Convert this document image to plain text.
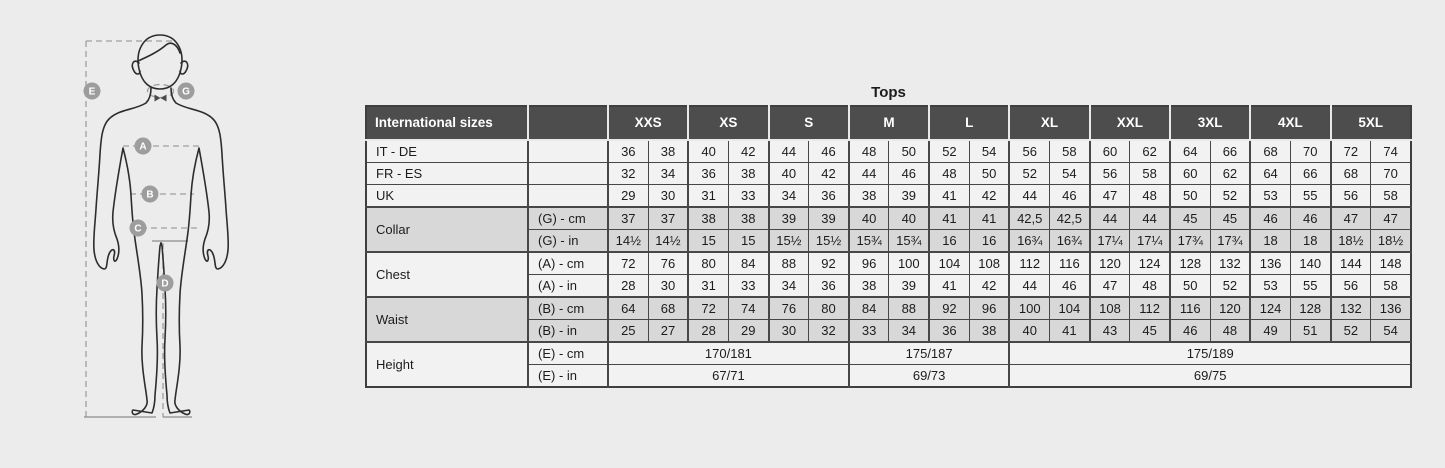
E	G
A
B
C
D
Tops
International sizes		XXS		XS		S		M		L		XL		XXL		3XL		4XL		5XL	
IT - DE		36	38	40	42	44	46	48	50	52	54	56	58	60	62	64	66	68	70	72	74
FR - ES		32	34	36	38	40	42	44	46	48	50	52	54	56	58	60	62	64	66	68	70
UK		29	30	31	33	34	36	38	39	41	42	44	46	47	48	50	52	53	55	56	58
Collar	(G) - cm	37	37	38	38	39	39	40	40	41	41	42,5	42,5	44	44	45	45	46	46	47	47
	(G) - in	14½	14½	15	15	15½	15½	15¾	15¾	16	16	16¾	16¾	17¼	17¼	17¾	17¾	18	18	18½	18½
Chest	(A) - cm	72	76	80	84	88	92	96	100	104	108	112	116	120	124	128	132	136	140	144	148
	(A) - in	28	30	31	33	34	36	38	39	41	42	44	46	47	48	50	52	53	55	56	58
Waist	(B) - cm	64	68	72	74	76	80	84	88	92	96	100	104	108	112	116	120	124	128	132	136
	(B) - in	25	27	28	29	30	32	33	34	36	38	40	41	43	45	46	48	49	51	52	54
Height	(E) - cm	170/181						175/187				175/189									
	(E) - in	67/71						69/73				69/75									
